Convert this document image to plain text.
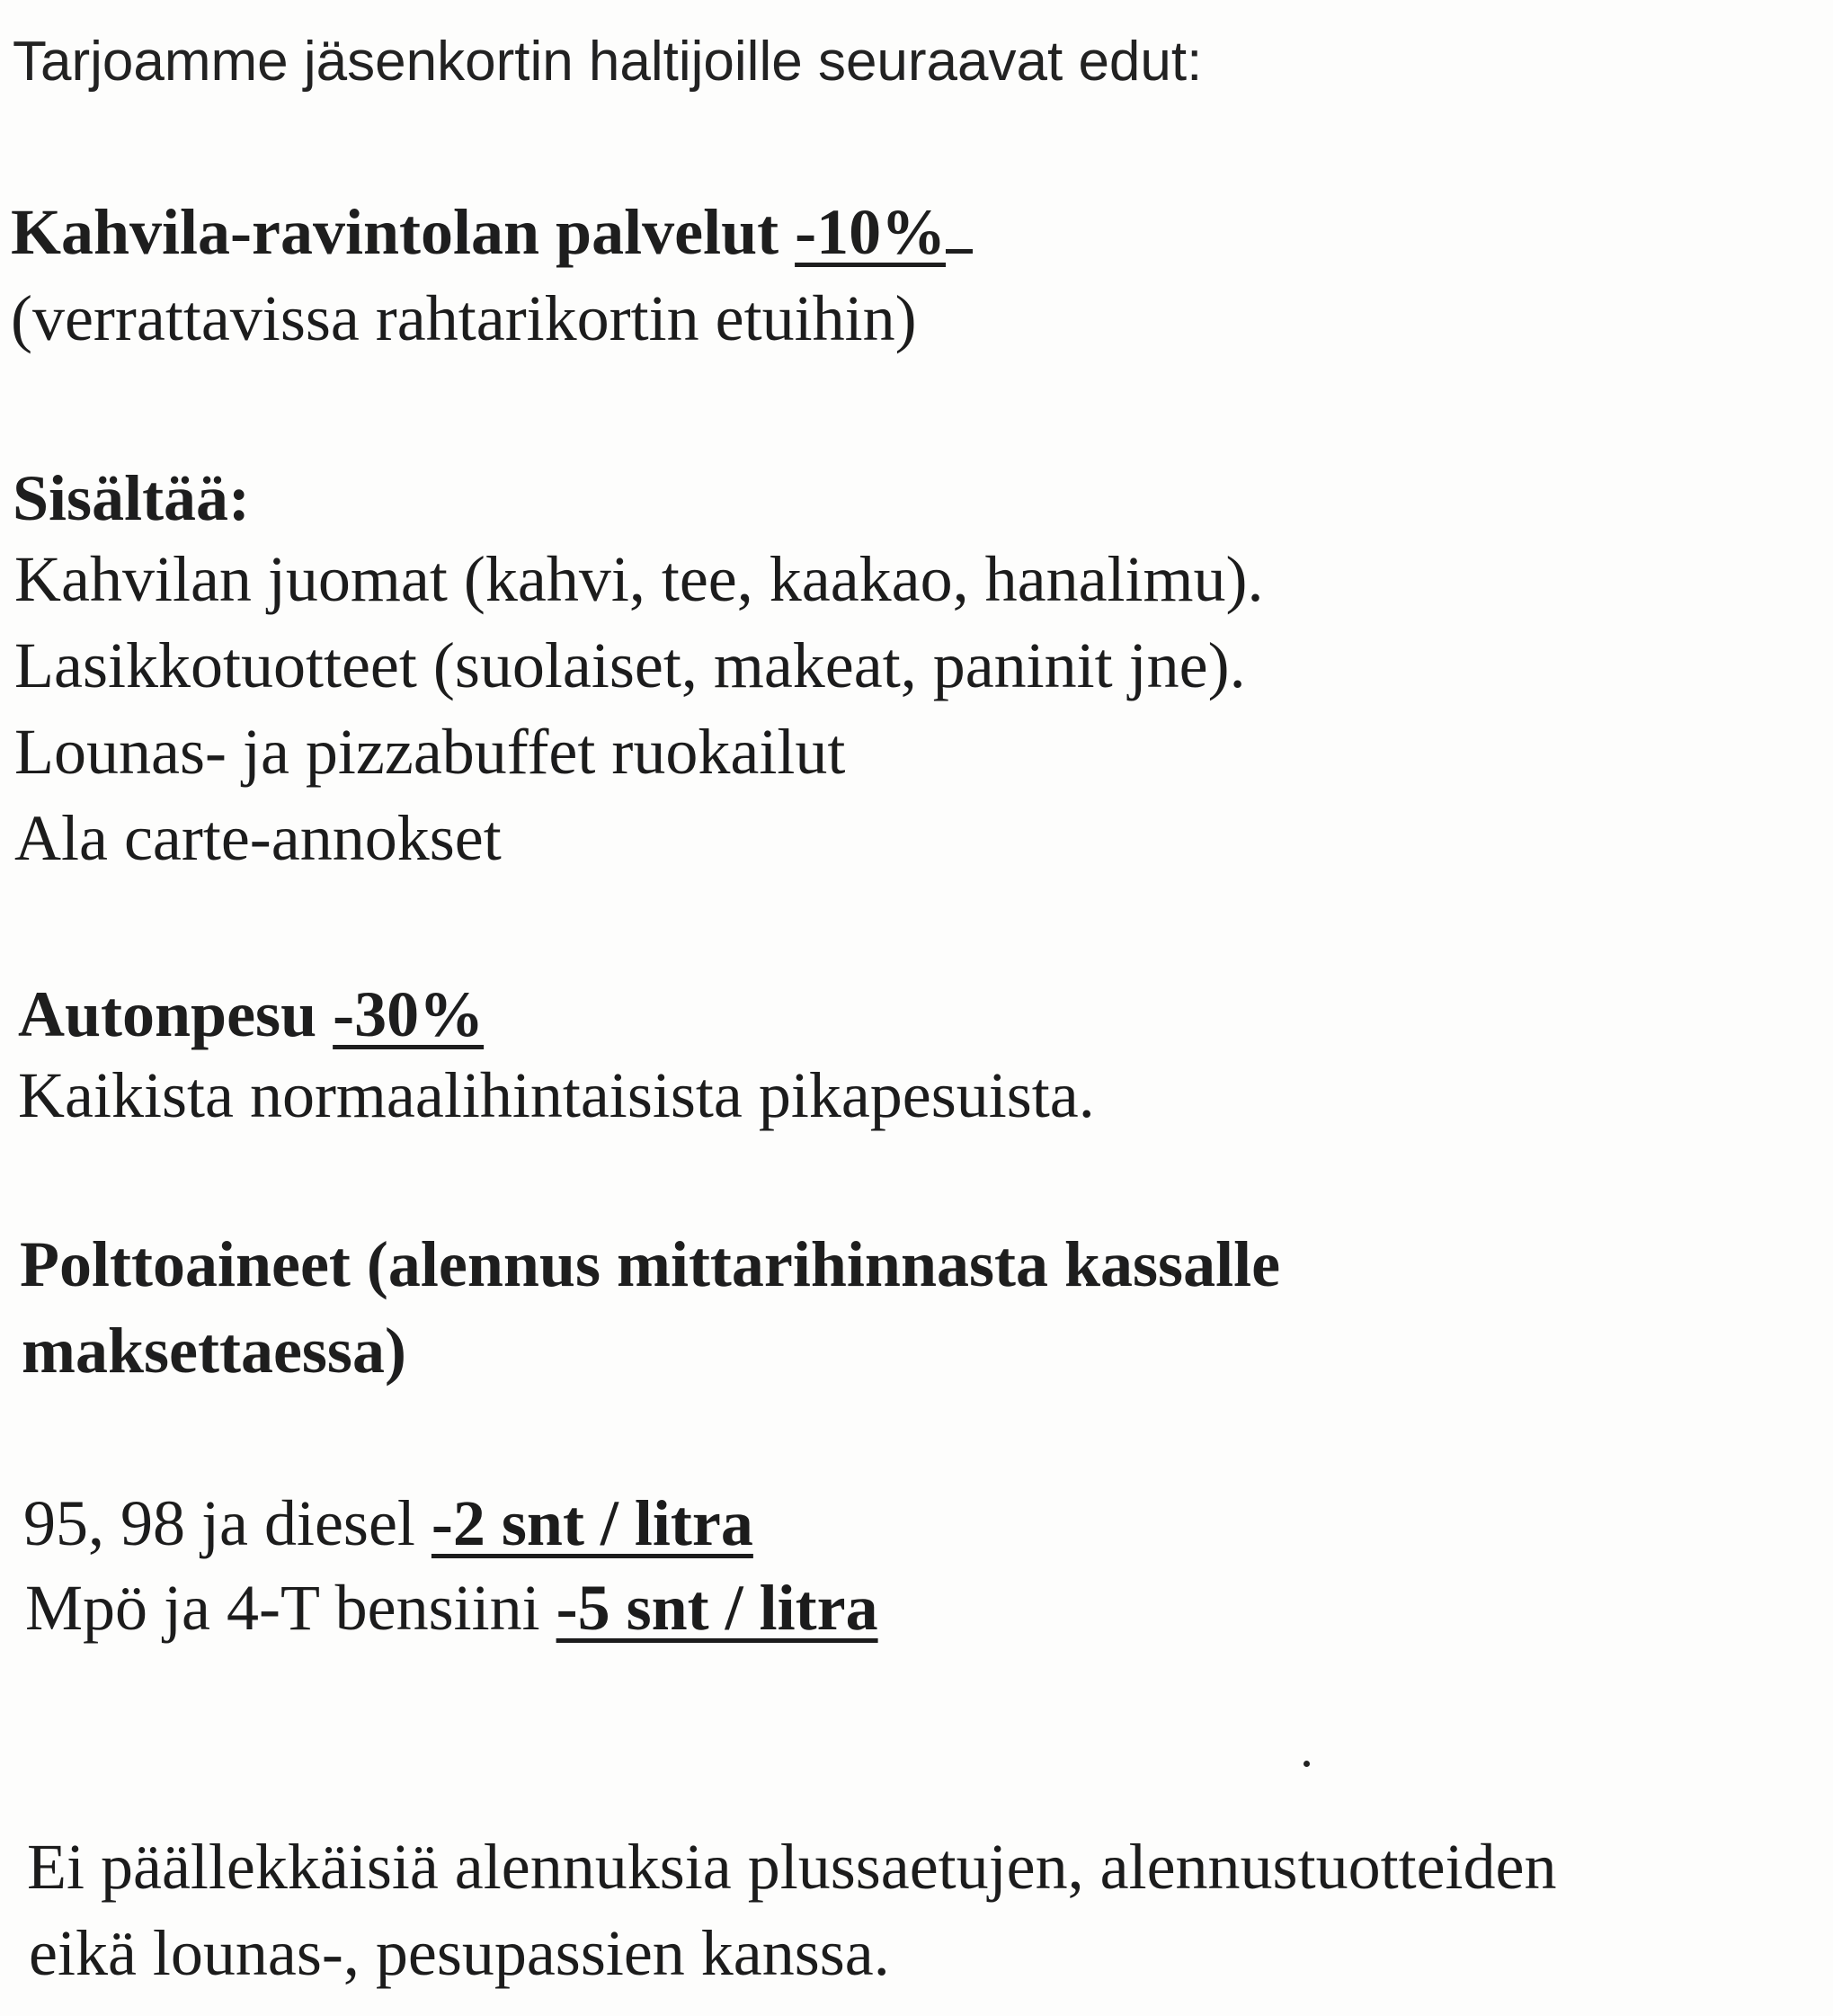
Tarjoamme jäsenkortin haltijoille seuraavat edut:
Kahvila-ravintolan palvelut -10%
(verrattavissa rahtarikortin etuihin)
Sisältää:
Kahvilan juomat (kahvi, tee, kaakao, hanalimu).
Lasikkotuotteet (suolaiset, makeat, paninit jne).
Lounas- ja pizzabuffet ruokailut
Ala carte-annokset
Autonpesu -30%
Kaikista normaalihintaisista pikapesuista.
Polttoaineet (alennus mittarihinnasta kassalle
maksettaessa)
95, 98 ja diesel -2 snt / litra
Mpö ja 4-T bensiini -5 snt / litra
Ei päällekkäisiä alennuksia plussaetujen, alennustuotteiden
eikä lounas-, pesupassien kanssa.
